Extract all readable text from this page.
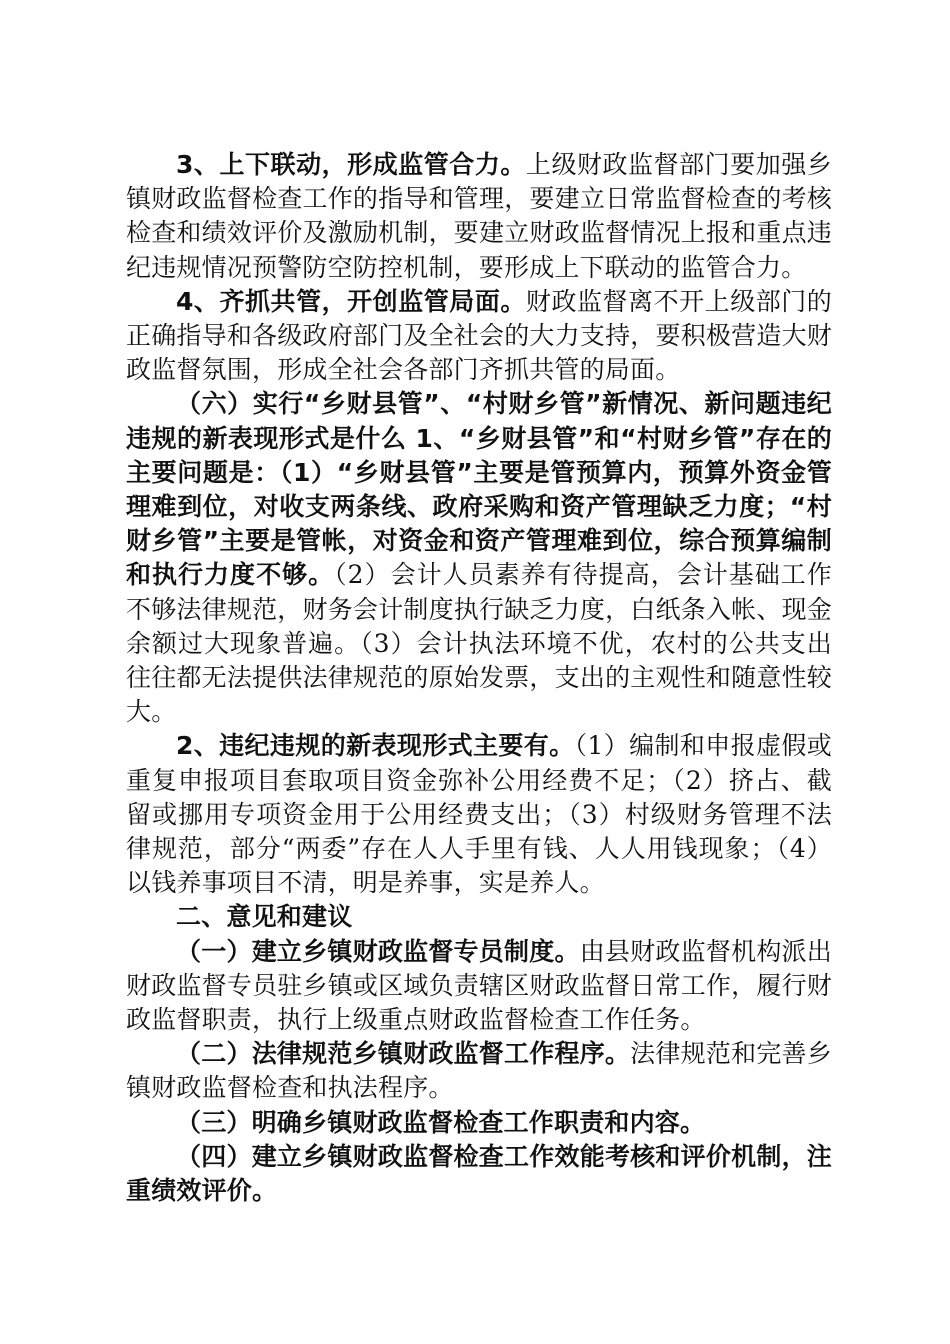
3、上下联动，形成监管合力。上级财政监督部门要加强乡镇财政监督检查工作的指导和管理，要建立日常监督检查的考核检查和绩效评价及激励机制，要建立财政监督情况上报和重点违纪违规情况预警防空防控机制，要形成上下联动的监管合力。

4、齐抓共管，开创监管局面。财政监督离不开上级部门的正确指导和各级政府部门及全社会的大力支持，要积极营造大财政监督氛围，形成全社会各部门齐抓共管的局面。

（六）实行“乡财县管”、“村财乡管”新情况、新问题违纪违规的新表现形式是什么 1、“乡财县管”和“村财乡管”存在的主要问题是：（1）“乡财县管”主要是管预算内，预算外资金管理难到位，对收支两条线、政府采购和资产管理缺乏力度；“村财乡管”主要是管帐，对资金和资产管理难到位，综合预算编制和执行力度不够。（2）会计人员素养有待提高，会计基础工作不够法律规范，财务会计制度执行缺乏力度，白纸条入帐、现金余额过大现象普遍。（3）会计执法环境不优，农村的公共支出往往都无法提供法律规范的原始发票，支出的主观性和随意性较大。

2、违纪违规的新表现形式主要有。（1）编制和申报虚假或重复申报项目套取项目资金弥补公用经费不足；（2）挤占、截留或挪用专项资金用于公用经费支出；（3）村级财务管理不法律规范，部分“两委”存在人人手里有钱、人人用钱现象；（4）以钱养事项目不清，明是养事，实是养人。

二、意见和建议

（一）建立乡镇财政监督专员制度。由县财政监督机构派出财政监督专员驻乡镇或区域负责辖区财政监督日常工作，履行财政监督职责，执行上级重点财政监督检查工作任务。

（二）法律规范乡镇财政监督工作程序。法律规范和完善乡镇财政监督检查和执法程序。

（三）明确乡镇财政监督检查工作职责和内容。

（四）建立乡镇财政监督检查工作效能考核和评价机制，注重绩效评价。
